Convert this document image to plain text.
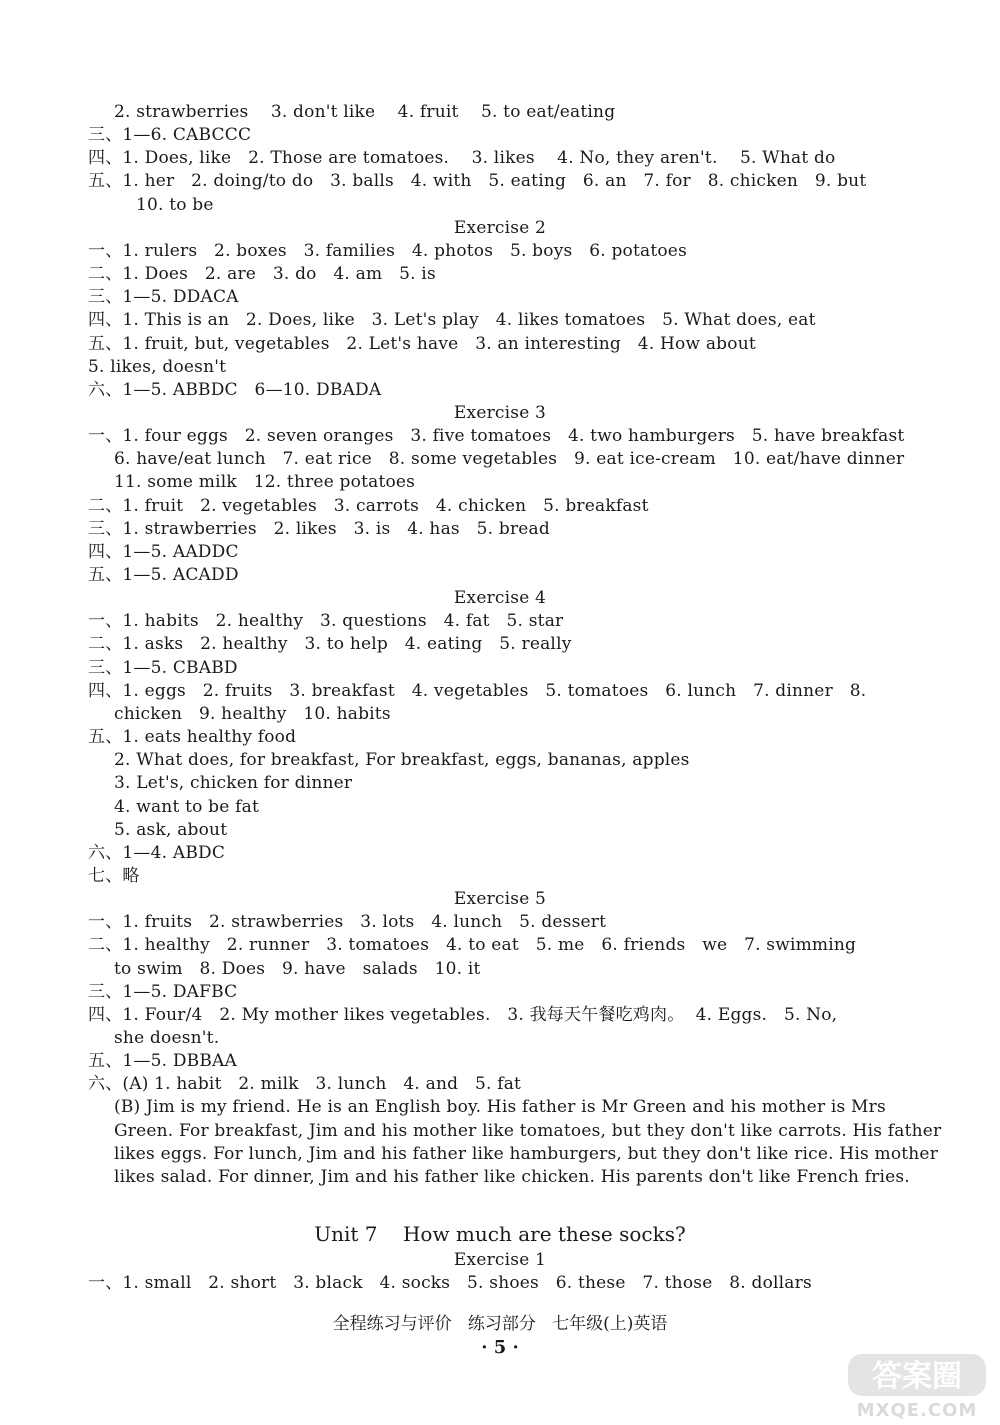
2. strawberries    3. don't like    4. fruit    5. to eat/eating
三、1—6. CABCCC
四、1. Does, like   2. Those are tomatoes.    3. likes    4. No, they aren't.    5. What do
五、1. her   2. doing/to do   3. balls   4. with   5. eating   6. an   7. for   8. chicken   9. but
10. to be
Exercise 2
一、1. rulers   2. boxes   3. families   4. photos   5. boys   6. potatoes
二、1. Does   2. are   3. do   4. am   5. is
三、1—5. DDACA
四、1. This is an   2. Does, like   3. Let's play   4. likes tomatoes   5. What does, eat
五、1. fruit, but, vegetables   2. Let's have   3. an interesting   4. How about
5. likes, doesn't
六、1—5. ABBDC   6—10. DBADA
Exercise 3
一、1. four eggs   2. seven oranges   3. five tomatoes   4. two hamburgers   5. have breakfast
6. have/eat lunch   7. eat rice   8. some vegetables   9. eat ice-cream   10. eat/have dinner
11. some milk   12. three potatoes
二、1. fruit   2. vegetables   3. carrots   4. chicken   5. breakfast
三、1. strawberries   2. likes   3. is   4. has   5. bread
四、1—5. AADDC
五、1—5. ACADD
Exercise 4
一、1. habits   2. healthy   3. questions   4. fat   5. star
二、1. asks   2. healthy   3. to help   4. eating   5. really
三、1—5. CBABD
四、1. eggs   2. fruits   3. breakfast   4. vegetables   5. tomatoes   6. lunch   7. dinner   8.
chicken   9. healthy   10. habits
五、1. eats healthy food
2. What does, for breakfast, For breakfast, eggs, bananas, apples
3. Let's, chicken for dinner
4. want to be fat
5. ask, about
六、1—4. ABDC
七、略
Exercise 5
一、1. fruits   2. strawberries   3. lots   4. lunch   5. dessert
二、1. healthy   2. runner   3. tomatoes   4. to eat   5. me   6. friends   we   7. swimming
to swim   8. Does   9. have   salads   10. it
三、1—5. DAFBC
四、1. Four/4   2. My mother likes vegetables.   3. 我每天午餐吃鸡肉。  4. Eggs.   5. No,
she doesn't.
五、1—5. DBBAA
六、(A) 1. habit   2. milk   3. lunch   4. and   5. fat
(B) Jim is my friend. He is an English boy. His father is Mr Green and his mother is Mrs
Green. For breakfast, Jim and his mother like tomatoes, but they don't like carrots. His father
likes eggs. For lunch, Jim and his father like hamburgers, but they don't like rice. His mother
likes salad. For dinner, Jim and his father like chicken. His parents don't like French fries.
Unit 7    How much are these socks?
Exercise 1
一、1. small   2. short   3. black   4. socks   5. shoes   6. these   7. those   8. dollars
全程练习与评价   练习部分   七年级(上)英语
· 5 ·
答案圈
MXQE.COM
